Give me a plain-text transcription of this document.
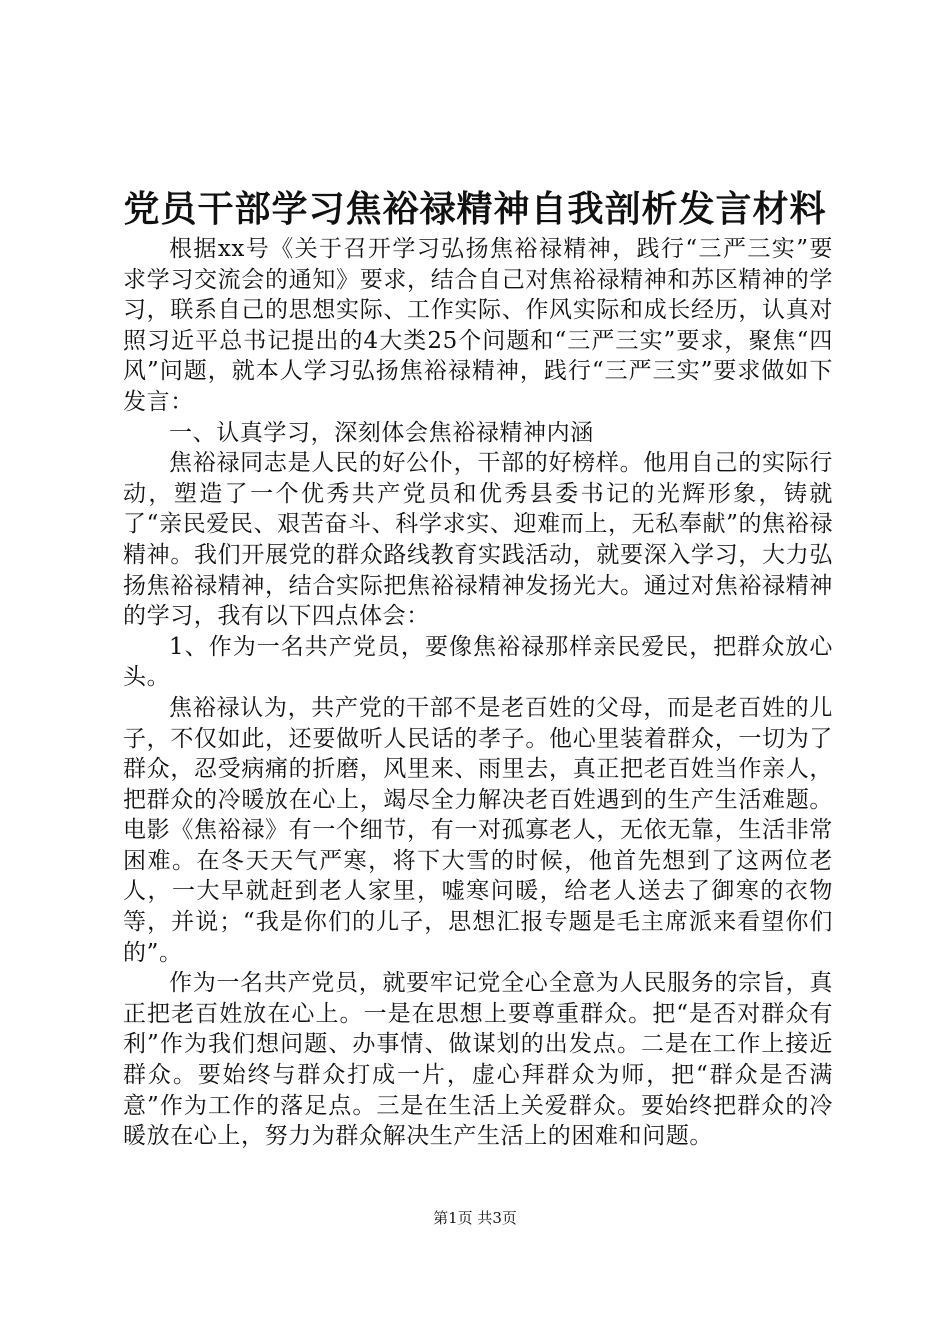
党员干部学习焦裕禄精神自我剖析发言材料

根据xx号《关于召开学习弘扬焦裕禄精神，践行“三严三实”要求学习交流会的通知》要求，结合自己对焦裕禄精神和苏区精神的学习，联系自己的思想实际、工作实际、作风实际和成长经历，认真对照习近平总书记提出的4大类25个问题和“三严三实”要求，聚焦“四风”问题，就本人学习弘扬焦裕禄精神，践行“三严三实”要求做如下发言：

一、认真学习，深刻体会焦裕禄精神内涵

焦裕禄同志是人民的好公仆，干部的好榜样。他用自己的实际行动，塑造了一个优秀共产党员和优秀县委书记的光辉形象，铸就了“亲民爱民、艰苦奋斗、科学求实、迎难而上，无私奉献”的焦裕禄精神。我们开展党的群众路线教育实践活动，就要深入学习，大力弘扬焦裕禄精神，结合实际把焦裕禄精神发扬光大。通过对焦裕禄精神的学习，我有以下四点体会：

1、作为一名共产党员，要像焦裕禄那样亲民爱民，把群众放心头。

焦裕禄认为，共产党的干部不是老百姓的父母，而是老百姓的儿子，不仅如此，还要做听人民话的孝子。他心里装着群众，一切为了群众，忍受病痛的折磨，风里来、雨里去，真正把老百姓当作亲人，把群众的冷暖放在心上，竭尽全力解决老百姓遇到的生产生活难题。电影《焦裕禄》有一个细节，有一对孤寡老人，无依无靠，生活非常困难。在冬天天气严寒，将下大雪的时候，他首先想到了这两位老人，一大早就赶到老人家里，嘘寒问暖，给老人送去了御寒的衣物等，并说；“我是你们的儿子，思想汇报专题是毛主席派来看望你们的”。

作为一名共产党员，就要牢记党全心全意为人民服务的宗旨，真正把老百姓放在心上。一是在思想上要尊重群众。把“是否对群众有利”作为我们想问题、办事情、做谋划的出发点。二是在工作上接近群众。要始终与群众打成一片，虚心拜群众为师，把“群众是否满意”作为工作的落足点。三是在生活上关爱群众。要始终把群众的冷暖放在心上，努力为群众解决生产生活上的困难和问题。

第1页 共3页
